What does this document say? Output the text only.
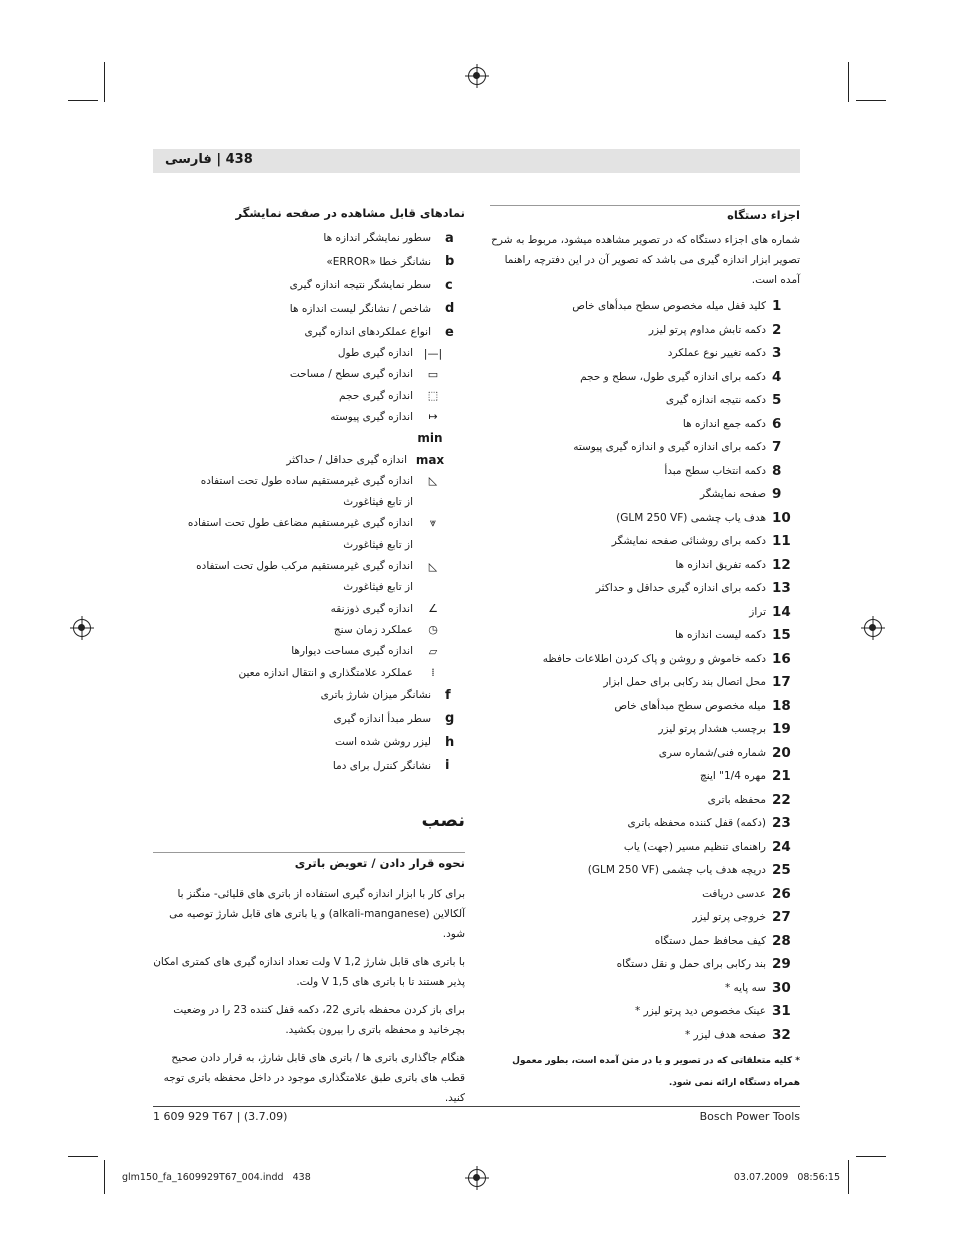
438 | فارسی
اجزاء دستگاه
شماره های اجزاء دستگاه که در تصویر مشاهده میشود، مربوط به شرح تصویر ابزار اندازه گیری می باشد که تصویر آن در این دفترچه راهنما آمده است.
1
کلید قفل میله مخصوص سطح مبدأهای خاص
2
دکمه تابش مداوم پرتو لیزر
3
دکمه تغییر نوع عملکرد
4
دکمه برای اندازه گیری طول، سطح و حجم
5
دکمه نتیجه اندازه گیری
6
دکمه جمع اندازه ها
7
دکمه برای اندازه گیری و اندازه گیری پیوسته
8
دکمه انتخاب سطح مبدأ
9
صفحه نمایشگر
10
هدف یاب چشمی (GLM 250 VF)
11
دکمه برای روشنائی صفحه نمایشگر
12
دکمه تفریق اندازه ها
13
دکمه برای اندازه گیری حداقل و حداکثر
14
تراز
15
دکمه لیست اندازه ها
16
دکمه خاموش و روشن و پاک کردن اطلاعات حافظه
17
محل اتصال بند رکابی برای حمل ابزار
18
میله مخصوص سطح مبدأهای خاص
19
برچسب هشدار پرتو لیزر
20
شماره فنی/شماره سری
21
مهره 1/4" اینچ
22
محفظه باتری
23
(دکمه) قفل کننده محفظه باتری
24
راهنمای تنظیم مسیر (جهت) یاب
25
دریچه هدف یاب چشمی (GLM 250 VF)
26
عدسی دریافت
27
خروجی پرتو لیزر
28
کیف محافظ حمل دستگاه
29
بند رکابی برای حمل و نقل دستگاه
30
سه پایه *
31
عینک مخصوص دید پرتو لیزر *
32
صفحه هدف لیزر *
* کلیه متعلقاتی که در تصویر و یا در متن آمده است، بطور معمول همراه دستگاه ارائه نمی شود.
نمادهای قابل مشاهده در صفحه نمایشگر
a
سطور نمایشگر اندازه ها
b
نشانگر خطا «ERROR»
c
سطر نمایشگر نتیجه اندازه گیری
d
شاخص / نشانگر لیست اندازه ها
e
انواع عملکردهای اندازه گیری
|—|
اندازه گیری طول
▭
اندازه گیری سطح / مساحت
⬚
اندازه گیری حجم
↦
اندازه گیری پیوسته
min
max
اندازه گیری حداقل / حداکثر
◺
اندازه گیری غیرمستقیم ساده طول تحت استفاده
از تابع فیثاغورث
⩔
اندازه گیری غیرمستقیم مضاعف طول تحت استفاده
از تابع فیثاغورث
◺
اندازه گیری غیرمستقیم مرکب طول تحت استفاده
از تابع فیثاغورث
∠
اندازه گیری ذوزنقه
◷
عملکرد زمان سنج
▱
اندازه گیری مساحت دیوارها
⁞
عملکرد علامتگذاری و انتقال اندازه معین
f
نشانگر میزان شارژ باتری
g
سطر مبدأ اندازه گیری
h
لیزر روشن شده است
i
نشانگر کنترل برای دما
نصب
نحوه قرار دادن / تعویض باتری
برای کار با ابزار اندازه گیری استفاده از باتری های قلیائی- منگنز با آلکالاین (alkali-manganese) و یا باتری های قابل شارژ توصیه می شود.
با باتری های قابل شارژ 1,2 V ولت تعداد اندازه گیری های کمتری امکان پذیر هستند تا با باتری های 1,5 V ولت.
برای باز کردن محفظه باتری 22، دکمه قفل کننده 23 را در وضعیت بچرخانید و محفظه باتری را بیرون بکشید.
هنگام جاگذاری باتری ها / باتری های قابل شارژ، به قرار دادن صحیح قطب های باتری طبق علامتگذاری موجود در داخل محفظه باتری توجه کنید.
1 609 929 T67 | (3.7.09)	Bosch Power Tools
glm150_fa_1609929T67_004.indd   438	03.07.2009   08:56:15
